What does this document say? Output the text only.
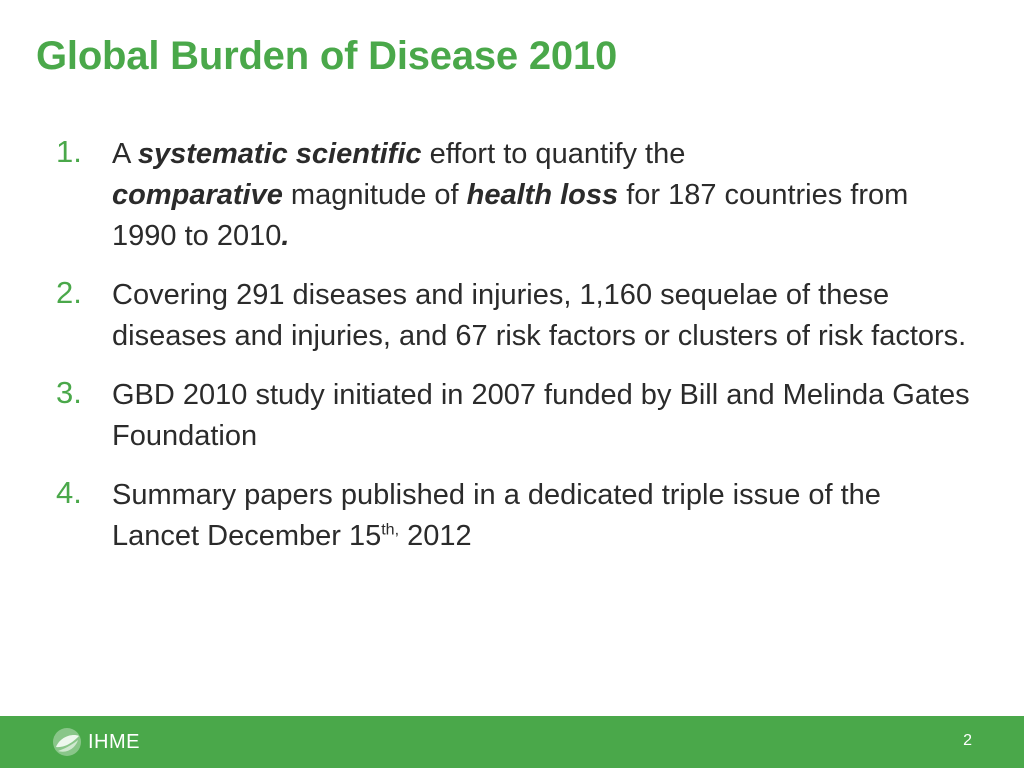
Global Burden of Disease 2010
1.	A systematic scientific effort to quantify the
comparative magnitude of health loss for 187 countries from 1990 to 2010.
2.	Covering 291 diseases and injuries, 1,160 sequelae of these diseases and injuries, and 67 risk factors or clusters of risk factors.
3.	GBD 2010 study initiated in 2007 funded by Bill and Melinda Gates Foundation
4.	Summary papers published in a dedicated triple issue of the Lancet December $15^{th,}$ 2012
IHME	2
